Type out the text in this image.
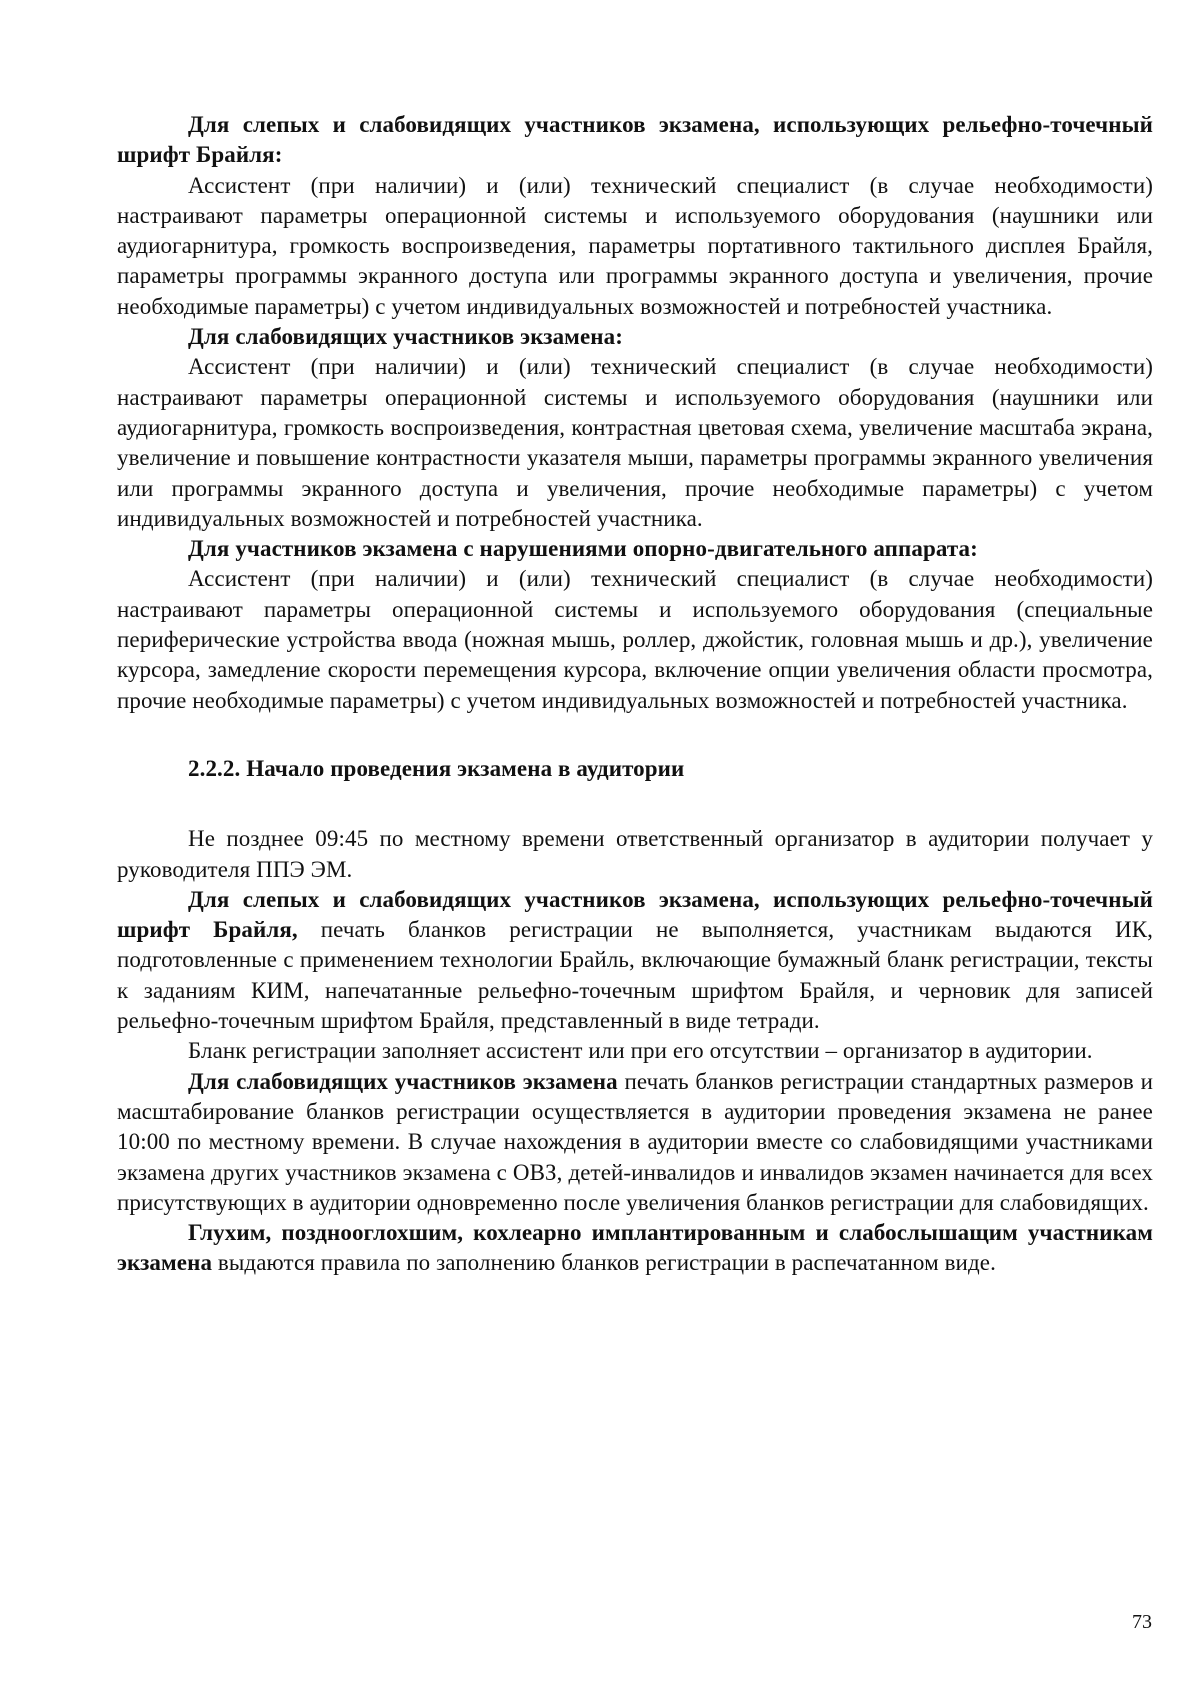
Для слепых и слабовидящих участников экзамена, использующих рельефно-точечный шрифт Брайля:

Ассистент (при наличии) и (или) технический специалист (в случае необходимости) настраивают параметры операционной системы и используемого оборудования (наушники или аудиогарнитура, громкость воспроизведения, параметры портативного тактильного дисплея Брайля, параметры программы экранного доступа или программы экранного доступа и увеличения, прочие необходимые параметры) с учетом индивидуальных возможностей и потребностей участника.

Для слабовидящих участников экзамена:

Ассистент (при наличии) и (или) технический специалист (в случае необходимости) настраивают параметры операционной системы и используемого оборудования (наушники или аудиогарнитура, громкость воспроизведения, контрастная цветовая схема, увеличение масштаба экрана, увеличение и повышение контрастности указателя мыши, параметры программы экранного увеличения или программы экранного доступа и увеличения, прочие необходимые параметры) с учетом индивидуальных возможностей и потребностей участника.

Для участников экзамена с нарушениями опорно-двигательного аппарата:

Ассистент (при наличии) и (или) технический специалист (в случае необходимости) настраивают параметры операционной системы и используемого оборудования (специальные периферические устройства ввода (ножная мышь, роллер, джойстик, головная мышь и др.), увеличение курсора, замедление скорости перемещения курсора, включение опции увеличения области просмотра, прочие необходимые параметры) с учетом индивидуальных возможностей и потребностей участника.

2.2.2. Начало проведения экзамена в аудитории

Не позднее 09:45 по местному времени ответственный организатор в аудитории получает у руководителя ППЭ ЭМ.

Для слепых и слабовидящих участников экзамена, использующих рельефно-точечный шрифт Брайля, печать бланков регистрации не выполняется, участникам выдаются ИК, подготовленные с применением технологии Брайль, включающие бумажный бланк регистрации, тексты к заданиям КИМ, напечатанные рельефно-точечным шрифтом Брайля, и черновик для записей рельефно-точечным шрифтом Брайля, представленный в виде тетради.

Бланк регистрации заполняет ассистент или при его отсутствии – организатор в аудитории.

Для слабовидящих участников экзамена печать бланков регистрации стандартных размеров и масштабирование бланков регистрации осуществляется в аудитории проведения экзамена не ранее 10:00 по местному времени. В случае нахождения в аудитории вместе со слабовидящими участниками экзамена других участников экзамена с ОВЗ, детей-инвалидов и инвалидов экзамен начинается для всех присутствующих в аудитории одновременно после увеличения бланков регистрации для слабовидящих.

Глухим, позднооглохшим, кохлеарно имплантированным и слабослышащим участникам экзамена выдаются правила по заполнению бланков регистрации в распечатанном виде.

73
